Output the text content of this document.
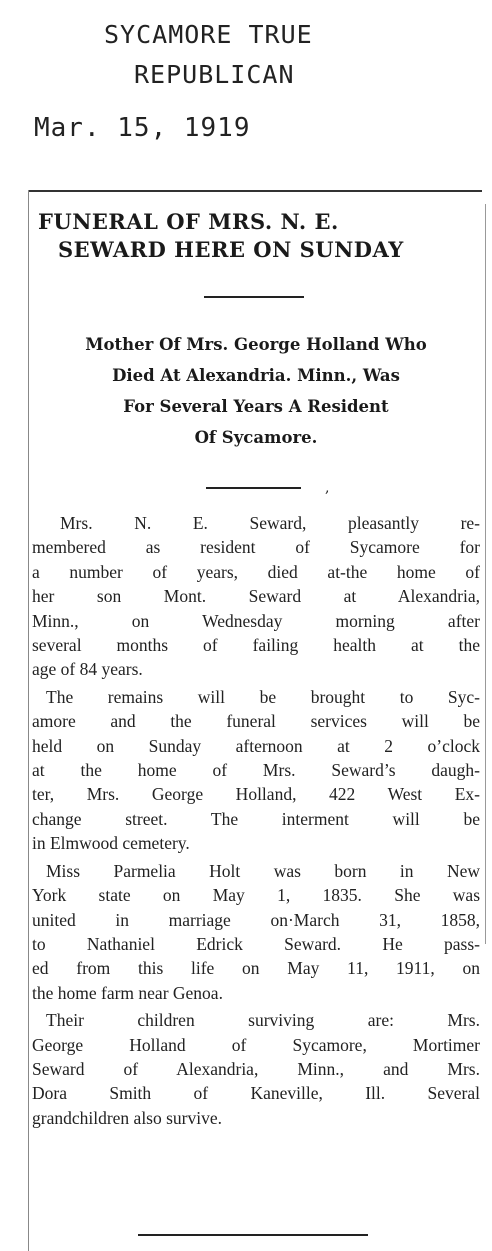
SYCAMORE TRUE
REPUBLICAN
Mar. 15, 1919
FUNERAL OF MRS. N. E.
SEWARD HERE ON SUNDAY
Mother Of Mrs. George Holland Who
Died At Alexandria. Minn., Was
For Several Years A Resident
Of Sycamore.
,
Mrs. N. E. Seward, pleasantly re-
membered as resident of Sycamore for
a number of years, died at-the home of
her son Mont. Seward at Alexandria,
Minn., on Wednesday morning after
several months of failing health at the
age of 84 years.
The remains will be brought to Syc-
amore and the funeral services will be
held on Sunday afternoon at 2 o’clock
at the home of Mrs. Seward’s daugh-
ter, Mrs. George Holland, 422 West Ex-
change street. The interment will be
in Elmwood cemetery.
Miss Parmelia Holt was born in New
York state on May 1, 1835. She was
united in marriage on·March 31, 1858,
to Nathaniel Edrick Seward. He pass-
ed from this life on May 11, 1911, on
the home farm near Genoa.
Their children surviving are: Mrs.
George Holland of Sycamore, Mortimer
Seward of Alexandria, Minn., and Mrs.
Dora Smith of Kaneville, Ill. Several
grandchildren also survive.
